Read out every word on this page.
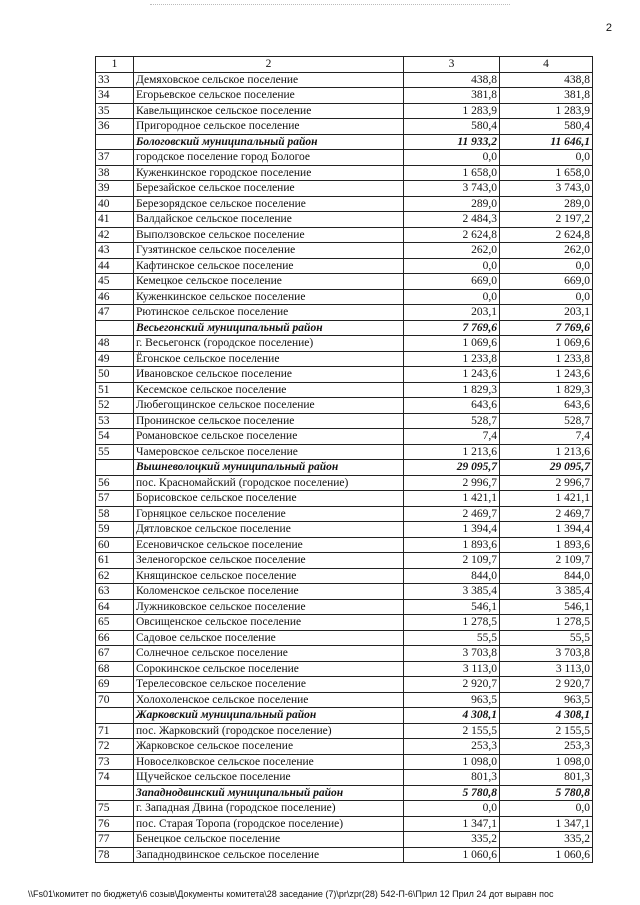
2
1	2	3	4
33	Демяховское сельское поселение	438,8	438,8
34	Егорьевское сельское поселение	381,8	381,8
35	Кавельщинское сельское поселение	1 283,9	1 283,9
36	Пригородное сельское поселение	580,4	580,4
	Бологовский муниципальный район	11 933,2	11 646,1
37	городское поселение город Бологое	0,0	0,0
38	Куженкинское городское поселение	1 658,0	1 658,0
39	Березайское сельское поселение	3 743,0	3 743,0
40	Березорядское сельское поселение	289,0	289,0
41	Валдайское сельское поселение	2 484,3	2 197,2
42	Выползовское сельское поселение	2 624,8	2 624,8
43	Гузятинское сельское поселение	262,0	262,0
44	Кафтинское сельское поселение	0,0	0,0
45	Кемецкое сельское поселение	669,0	669,0
46	Куженкинское сельское поселение	0,0	0,0
47	Рютинское сельское поселение	203,1	203,1
	Весьегонский муниципальный район	7 769,6	7 769,6
48	г. Весьегонск (городское поселение)	1 069,6	1 069,6
49	Ёгонское сельское поселение	1 233,8	1 233,8
50	Ивановское сельское поселение	1 243,6	1 243,6
51	Кесемское сельское поселение	1 829,3	1 829,3
52	Любегощинское сельское поселение	643,6	643,6
53	Пронинское сельское поселение	528,7	528,7
54	Романовское сельское поселение	7,4	7,4
55	Чамеровское сельское поселение	1 213,6	1 213,6
	Вышневолоцкий муниципальный район	29 095,7	29 095,7
56	пос. Красномайский (городское поселение)	2 996,7	2 996,7
57	Борисовское сельское поселение	1 421,1	1 421,1
58	Горняцкое сельское поселение	2 469,7	2 469,7
59	Дятловское сельское поселение	1 394,4	1 394,4
60	Есеновичское сельское поселение	1 893,6	1 893,6
61	Зеленогорское сельское поселение	2 109,7	2 109,7
62	Княщинское сельское поселение	844,0	844,0
63	Коломенское сельское поселение	3 385,4	3 385,4
64	Лужниковское сельское поселение	546,1	546,1
65	Овсищенское сельское поселение	1 278,5	1 278,5
66	Садовое сельское поселение	55,5	55,5
67	Солнечное сельское поселение	3 703,8	3 703,8
68	Сорокинское сельское поселение	3 113,0	3 113,0
69	Терелесовское сельское поселение	2 920,7	2 920,7
70	Холохоленское сельское поселение	963,5	963,5
	Жарковский муниципальный район	4 308,1	4 308,1
71	пос. Жарковский (городское поселение)	2 155,5	2 155,5
72	Жарковское сельское поселение	253,3	253,3
73	Новоселковское сельское поселение	1 098,0	1 098,0
74	Щучейское сельское поселение	801,3	801,3
	Западнодвинский муниципальный район	5 780,8	5 780,8
75	г. Западная Двина (городское поселение)	0,0	0,0
76	пос. Старая Торопа (городское поселение)	1 347,1	1 347,1
77	Бенецкое сельское поселение	335,2	335,2
78	Западнодвинское сельское поселение	1 060,6	1 060,6
\\Fs01\комитет по бюджету\6 созыв\Документы комитета\28 заседание (7)\pr\zpr(28) 542-П-6\Прил 12 Прил 24 дот выравн пос
